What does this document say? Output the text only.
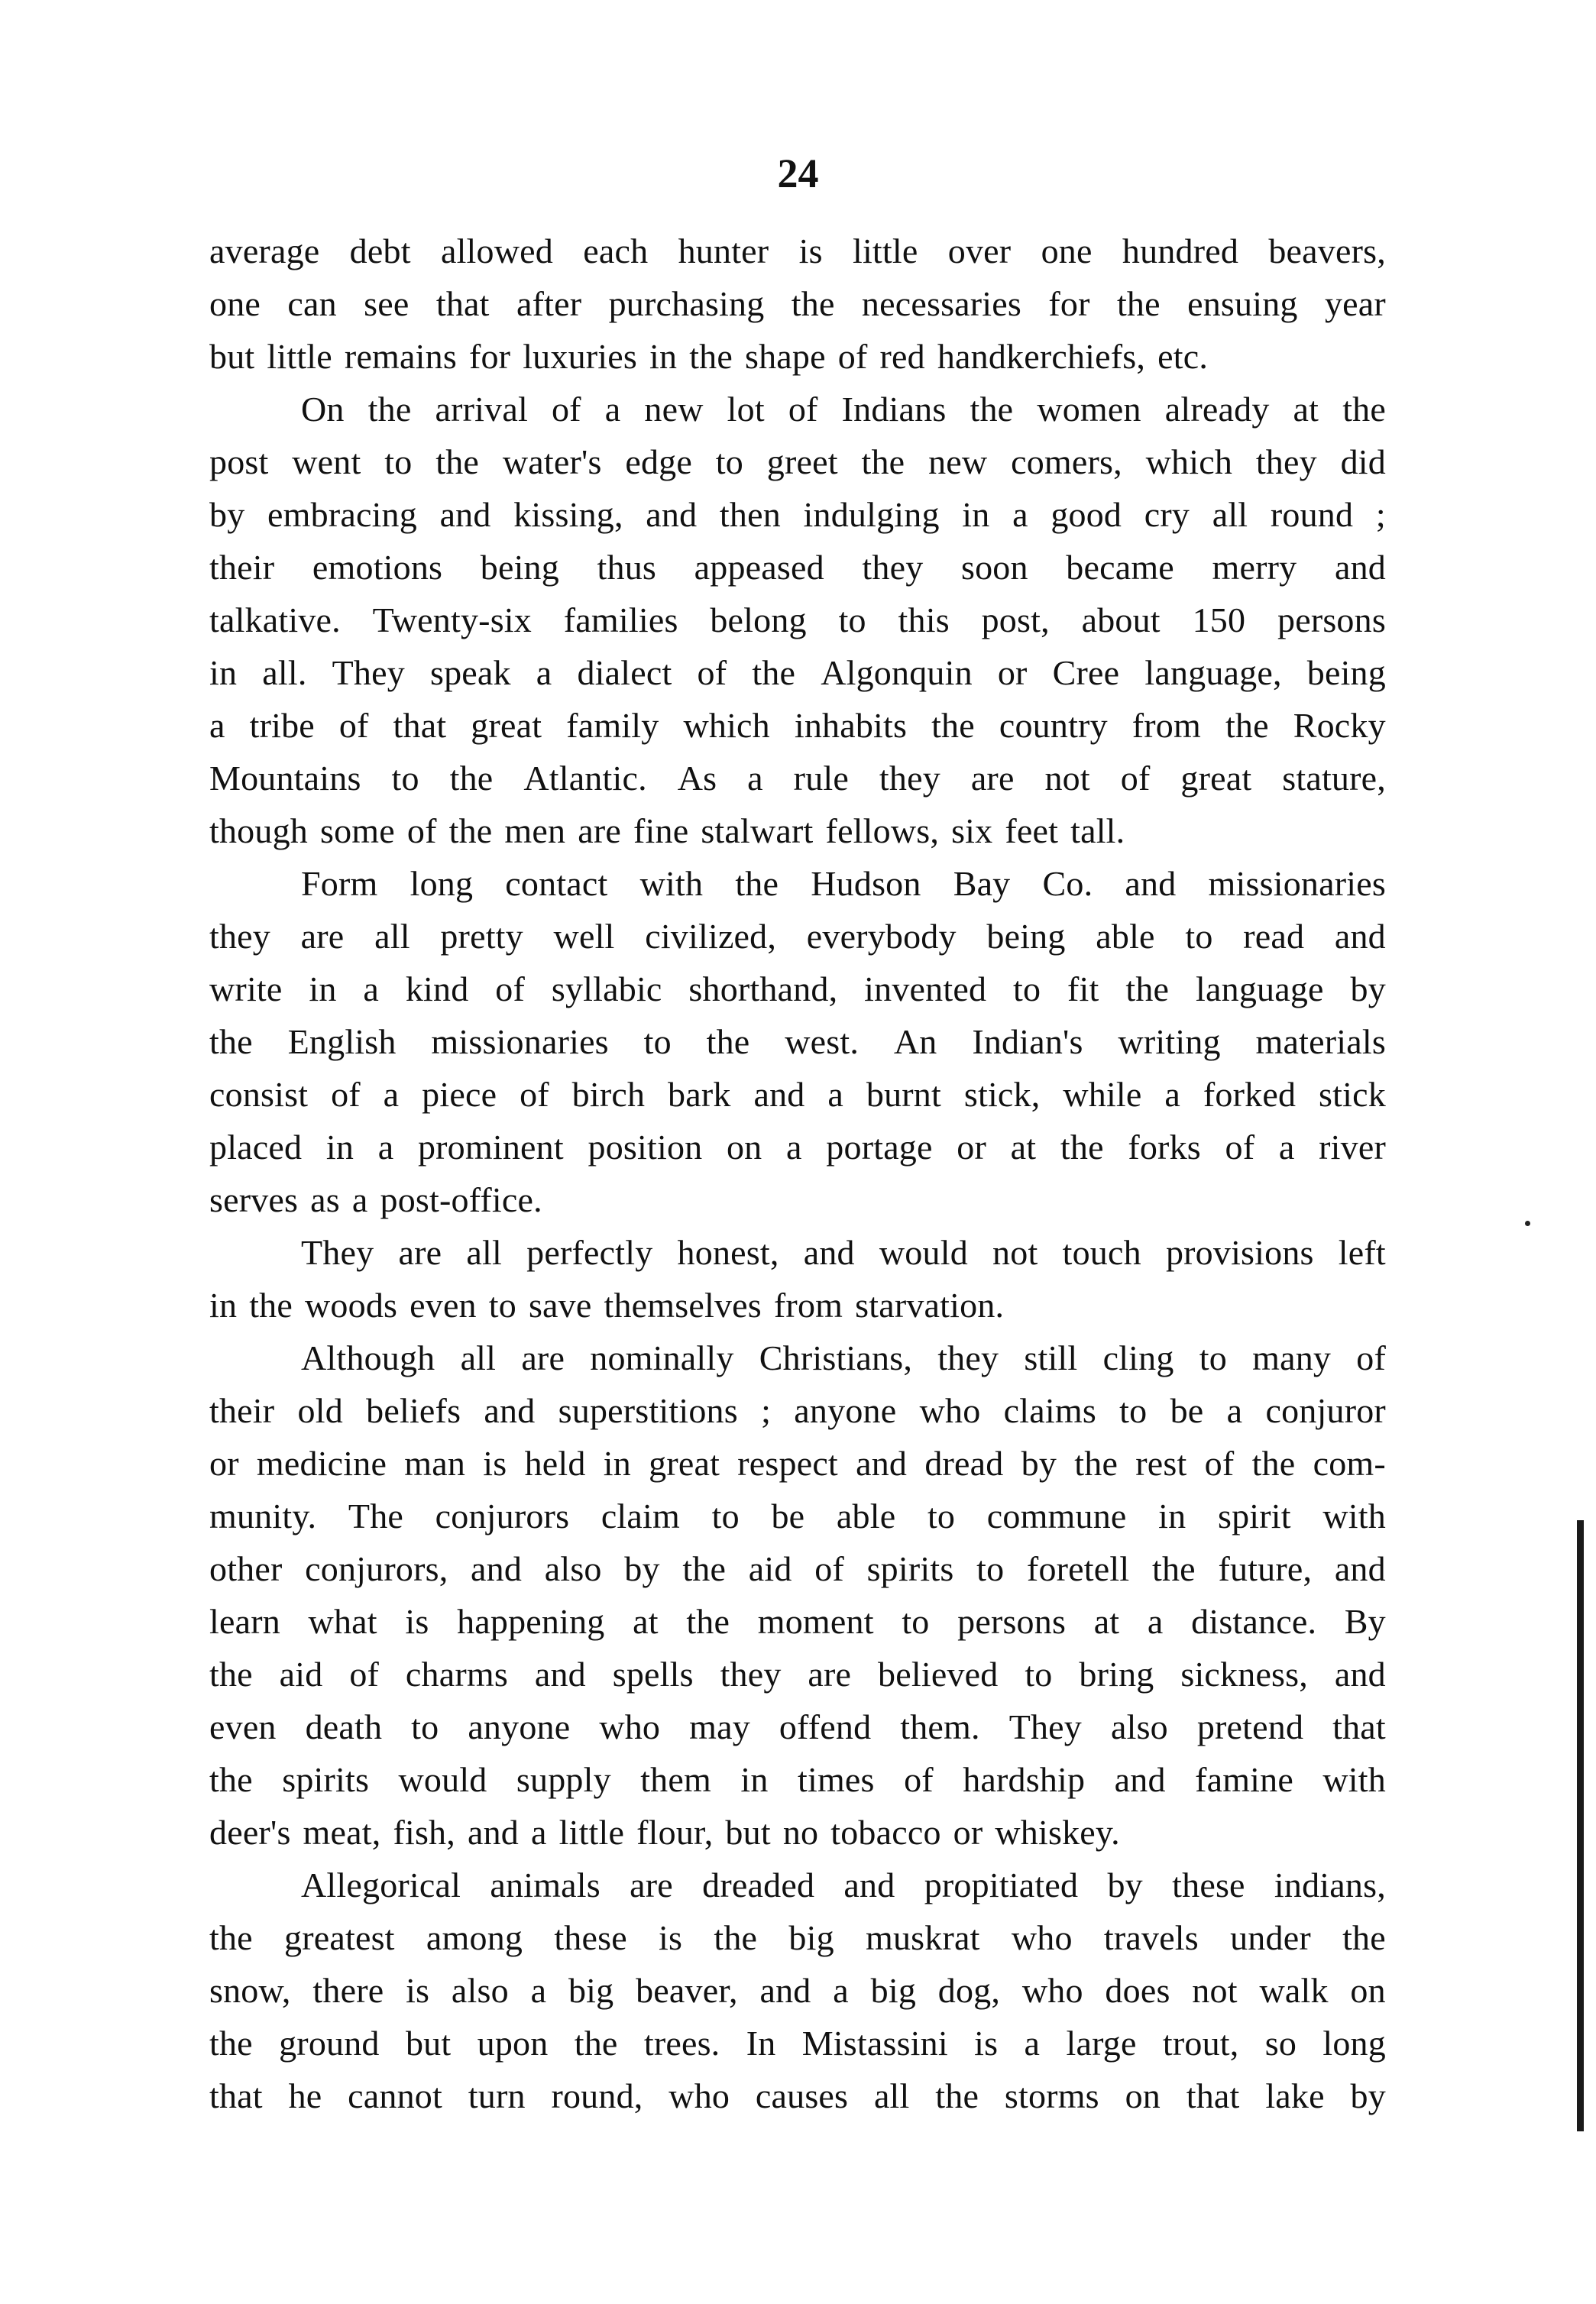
24
average debt allowed each hunter is little over one hundred beavers,
one can see that after purchasing the necessaries for the ensuing year
but little remains for luxuries in the shape of red handkerchiefs, etc.
On the arrival of a new lot of Indians the women already at the
post went to the water's edge to greet the new comers, which they did
by embracing and kissing, and then indulging in a good cry all round ;
their emotions being thus appeased they soon became merry and
talkative. Twenty-six families belong to this post, about 150 persons
in all. They speak a dialect of the Algonquin or Cree language, being
a tribe of that great family which inhabits the country from the Rocky
Mountains to the Atlantic. As a rule they are not of great stature,
though some of the men are fine stalwart fellows, six feet tall.
Form long contact with the Hudson Bay Co. and missionaries
they are all pretty well civilized, everybody being able to read and
write in a kind of syllabic shorthand, invented to fit the language by
the English missionaries to the west. An Indian's writing materials
consist of a piece of birch bark and a burnt stick, while a forked stick
placed in a prominent position on a portage or at the forks of a river
serves as a post-office.
They are all perfectly honest, and would not touch provisions left
in the woods even to save themselves from starvation.
Although all are nominally Christians, they still cling to many of
their old beliefs and superstitions ; anyone who claims to be a conjuror
or medicine man is held in great respect and dread by the rest of the com-
munity. The conjurors claim to be able to commune in spirit with
other conjurors, and also by the aid of spirits to foretell the future, and
learn what is happening at the moment to persons at a distance. By
the aid of charms and spells they are believed to bring sickness, and
even death to anyone who may offend them. They also pretend that
the spirits would supply them in times of hardship and famine with
deer's meat, fish, and a little flour, but no tobacco or whiskey.
Allegorical animals are dreaded and propitiated by these indians,
the greatest among these is the big muskrat who travels under the
snow, there is also a big beaver, and a big dog, who does not walk on
the ground but upon the trees. In Mistassini is a large trout, so long
that he cannot turn round, who causes all the storms on that lake by
